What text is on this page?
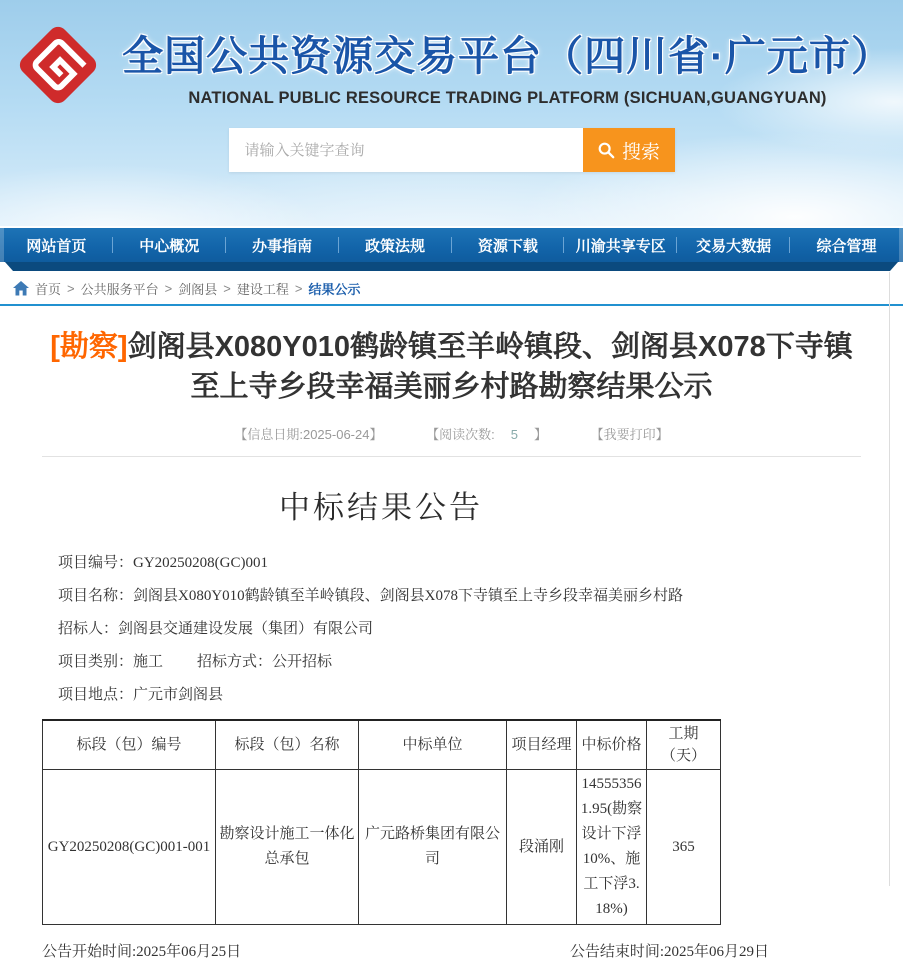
全国公共资源交易平台（四川省·广元市）
NATIONAL PUBLIC RESOURCE TRADING PLATFORM (SICHUAN,GUANGYUAN)
请输入关键字查询
搜索
网站首页	中心概况	办事指南	政策法规	资源下载	川渝共享专区	交易大数据	综合管理
首页 > 公共服务平台 > 剑阁县 > 建设工程 > 结果公示
[勘察]剑阁县X080Y010鹤龄镇至羊岭镇段、剑阁县X078下寺镇至上寺乡段幸福美丽乡村路勘察结果公示
【信息日期:2025-06-24】	【阅读次数: 5 】	【我要打印】
中标结果公告

项目编号：GY20250208(GC)001

项目名称：剑阁县X080Y010鹤龄镇至羊岭镇段、剑阁县X078下寺镇至上寺乡段幸福美丽乡村路

招标人：剑阁县交通建设发展（集团）有限公司

项目类别：施工 招标方式：公开招标

项目地点：广元市剑阁县

标段（包）编号	标段（包）名称	中标单位	项目经理	中标价格	工期（天）
GY20250208(GC)001-001	勘察设计施工一体化总承包	广元路桥集团有限公司	段涌刚	145553561.95(勘察设计下浮10%、施工下浮3.18%)	365
公告开始时间:2025年06月25日	公告结束时间:2025年06月29日
